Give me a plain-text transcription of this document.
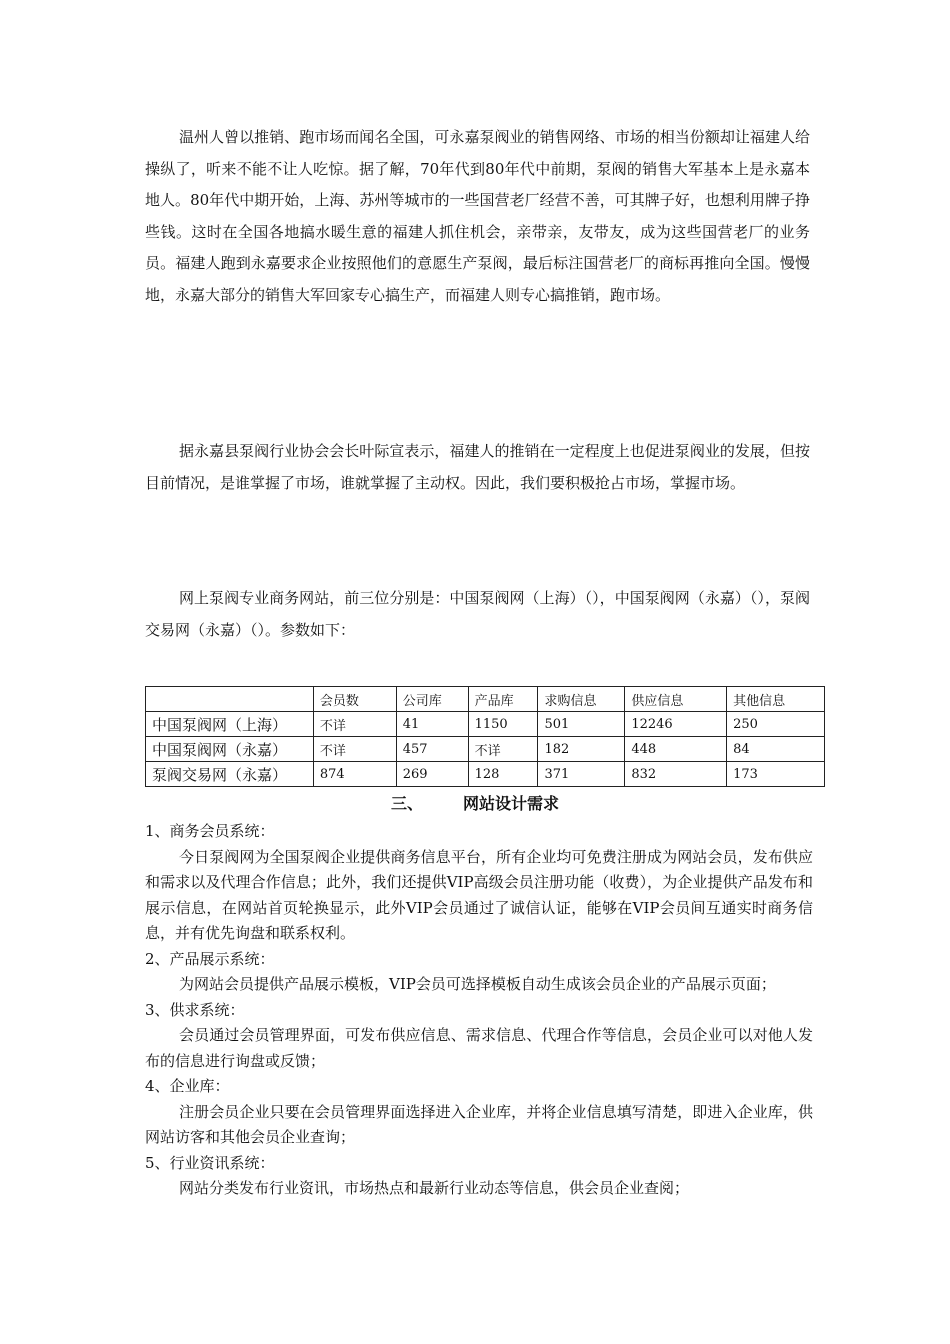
温州人曾以推销、跑市场而闻名全国，可永嘉泵阀业的销售网络、市场的相当份额却让福建人给操纵了，听来不能不让人吃惊。据了解，70年代到80年代中前期，泵阀的销售大军基本上是永嘉本地人。80年代中期开始，上海、苏州等城市的一些国营老厂经营不善，可其牌子好，也想利用牌子挣些钱。这时在全国各地搞水暖生意的福建人抓住机会，亲带亲，友带友，成为这些国营老厂的业务员。福建人跑到永嘉要求企业按照他们的意愿生产泵阀，最后标注国营老厂的商标再推向全国。慢慢地，永嘉大部分的销售大军回家专心搞生产，而福建人则专心搞推销，跑市场。

据永嘉县泵阀行业协会会长叶际宣表示，福建人的推销在一定程度上也促进泵阀业的发展，但按目前情况，是谁掌握了市场，谁就掌握了主动权。因此，我们要积极抢占市场，掌握市场。

网上泵阀专业商务网站，前三位分别是：中国泵阀网（上海）（），中国泵阀网（永嘉）（），泵阀交易网（永嘉）（）。参数如下：

	会员数	公司库	产品库	求购信息	供应信息	其他信息
中国泵阀网（上海）	不详	41	1150	501	12246	250
中国泵阀网（永嘉）	不详	457	不详	182	448	84
泵阀交易网（永嘉）	874	269	128	371	832	173
三、	网站设计需求

1、商务会员系统：

今日泵阀网为全国泵阀企业提供商务信息平台，所有企业均可免费注册成为网站会员，发布供应和需求以及代理合作信息；此外，我们还提供VIP高级会员注册功能（收费），为企业提供产品发布和展示信息，在网站首页轮换显示，此外VIP会员通过了诚信认证，能够在VIP会员间互通实时商务信息，并有优先询盘和联系权利。

2、产品展示系统：

为网站会员提供产品展示模板，VIP会员可选择模板自动生成该会员企业的产品展示页面；

3、供求系统：

会员通过会员管理界面，可发布供应信息、需求信息、代理合作等信息，会员企业可以对他人发布的信息进行询盘或反馈；

4、企业库：

注册会员企业只要在会员管理界面选择进入企业库，并将企业信息填写清楚，即进入企业库，供网站访客和其他会员企业查询；

5、行业资讯系统：

网站分类发布行业资讯，市场热点和最新行业动态等信息，供会员企业查阅；
